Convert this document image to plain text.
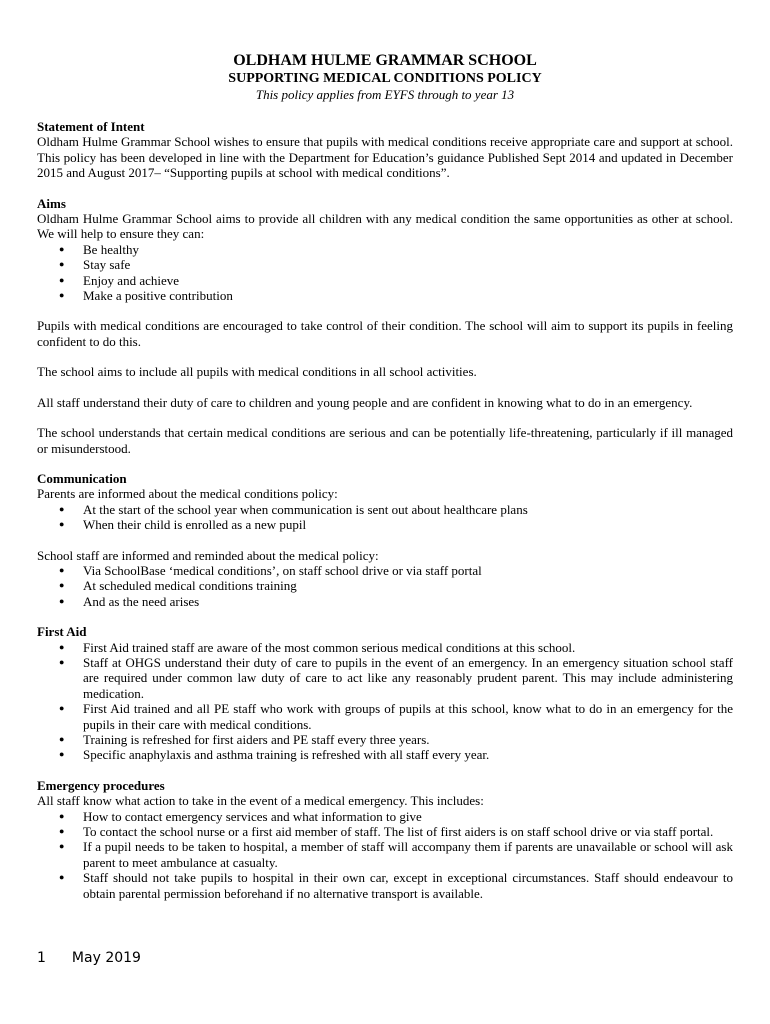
OLDHAM HULME GRAMMAR SCHOOL
SUPPORTING MEDICAL CONDITIONS POLICY
This policy applies from EYFS through to year 13
Statement of Intent

Oldham Hulme Grammar School wishes to ensure that pupils with medical conditions receive appropriate care and support at school. This policy has been developed in line with the Department for Education’s guidance Published Sept 2014 and updated in December 2015 and August 2017– “Supporting pupils at school with medical conditions”.

Aims

Oldham Hulme Grammar School aims to provide all children with any medical condition the same opportunities as other at school. We will help to ensure they can:

● Be healthy
● Stay safe
● Enjoy and achieve
● Make a positive contribution

Pupils with medical conditions are encouraged to take control of their condition. The school will aim to support its pupils in feeling confident to do this.

The school aims to include all pupils with medical conditions in all school activities.

All staff understand their duty of care to children and young people and are confident in knowing what to do in an emergency.

The school understands that certain medical conditions are serious and can be potentially life-threatening, particularly if ill managed or misunderstood.

Communication

Parents are informed about the medical conditions policy:

● At the start of the school year when communication is sent out about healthcare plans
● When their child is enrolled as a new pupil

School staff are informed and reminded about the medical policy:

● Via SchoolBase ‘medical conditions’, on staff school drive or via staff portal
● At scheduled medical conditions training
● And as the need arises
First Aid
● First Aid trained staff are aware of the most common serious medical conditions at this school.
● Staff at OHGS understand their duty of care to pupils in the event of an emergency. In an emergency situation school staff are required under common law duty of care to act like any reasonably prudent parent. This may include administering medication.
● First Aid trained and all PE staff who work with groups of pupils at this school, know what to do in an emergency for the pupils in their care with medical conditions.
● Training is refreshed for first aiders and PE staff every three years.
● Specific anaphylaxis and asthma training is refreshed with all staff every year.
Emergency procedures

All staff know what action to take in the event of a medical emergency. This includes:

● How to contact emergency services and what information to give
● To contact the school nurse or a first aid member of staff. The list of first aiders is on staff school drive or via staff portal.
● If a pupil needs to be taken to hospital, a member of staff will accompany them if parents are unavailable or school will ask parent to meet ambulance at casualty.
● Staff should not take pupils to hospital in their own car, except in exceptional circumstances. Staff should endeavour to obtain parental permission beforehand if no alternative transport is available.
1 May 2019
